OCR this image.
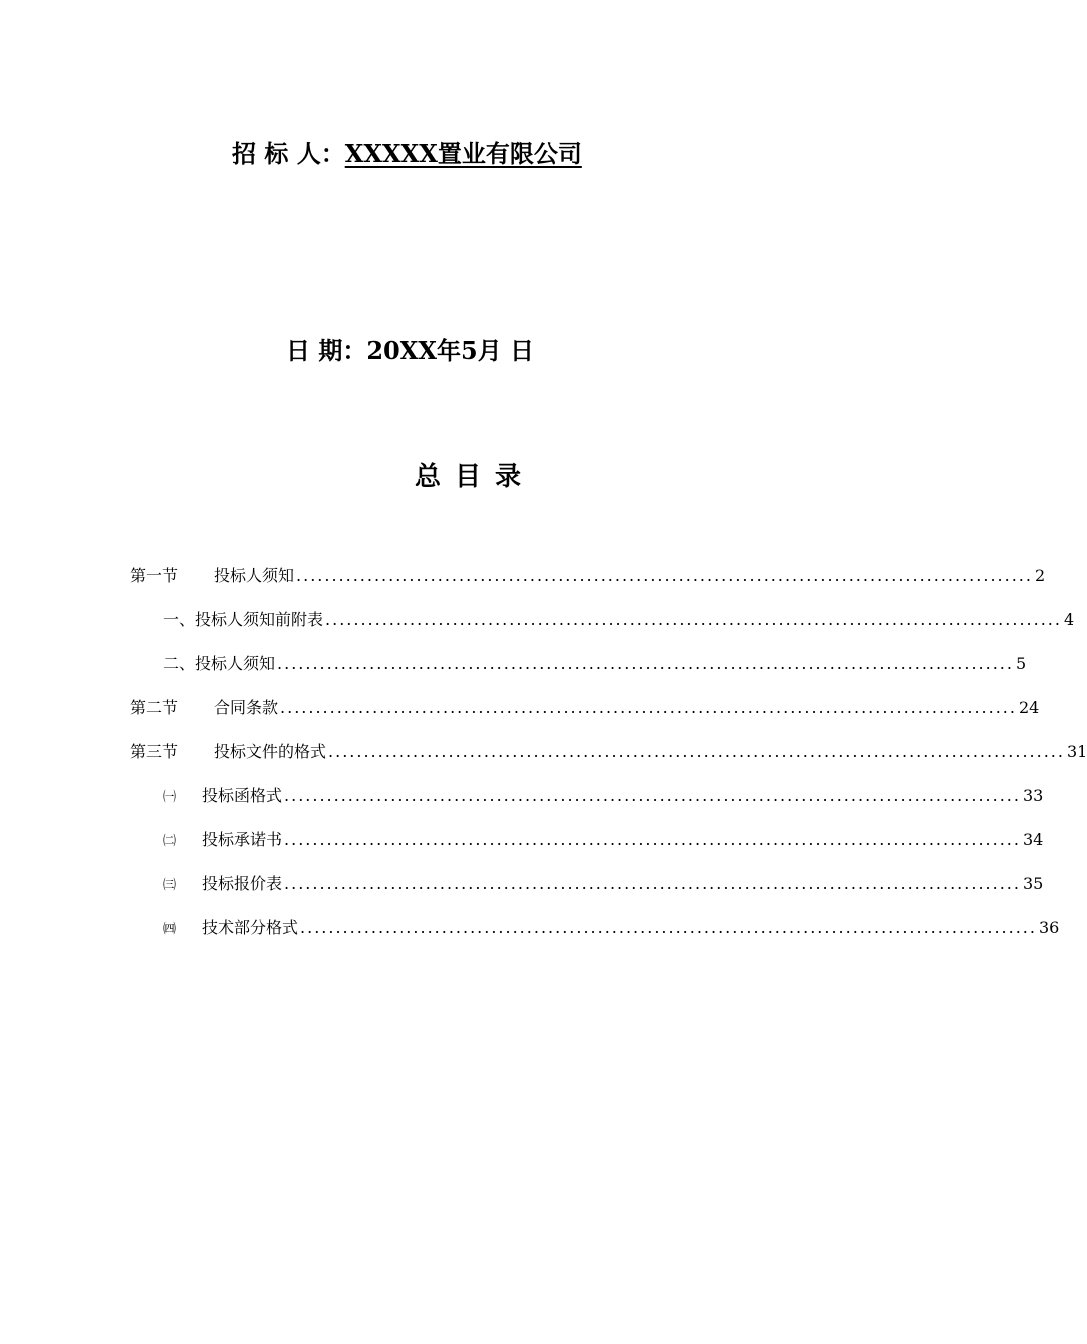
招 标 人：XXXXX置业有限公司
日 期：20XX年5月 日
总目录
第一节	投标人须知 ........................................................................................................ 2
一、投标人须知前附表 ........................................................................................................ 4
二、投标人须知 ........................................................................................................ 5
第二节	合同条款 ........................................................................................................ 24
第三节	投标文件的格式 ........................................................................................................ 31
㈠	投标函格式 ........................................................................................................ 33
㈡	投标承诺书 ........................................................................................................ 34
㈢	投标报价表 ........................................................................................................ 35
㈣	技术部分格式 ........................................................................................................ 36
